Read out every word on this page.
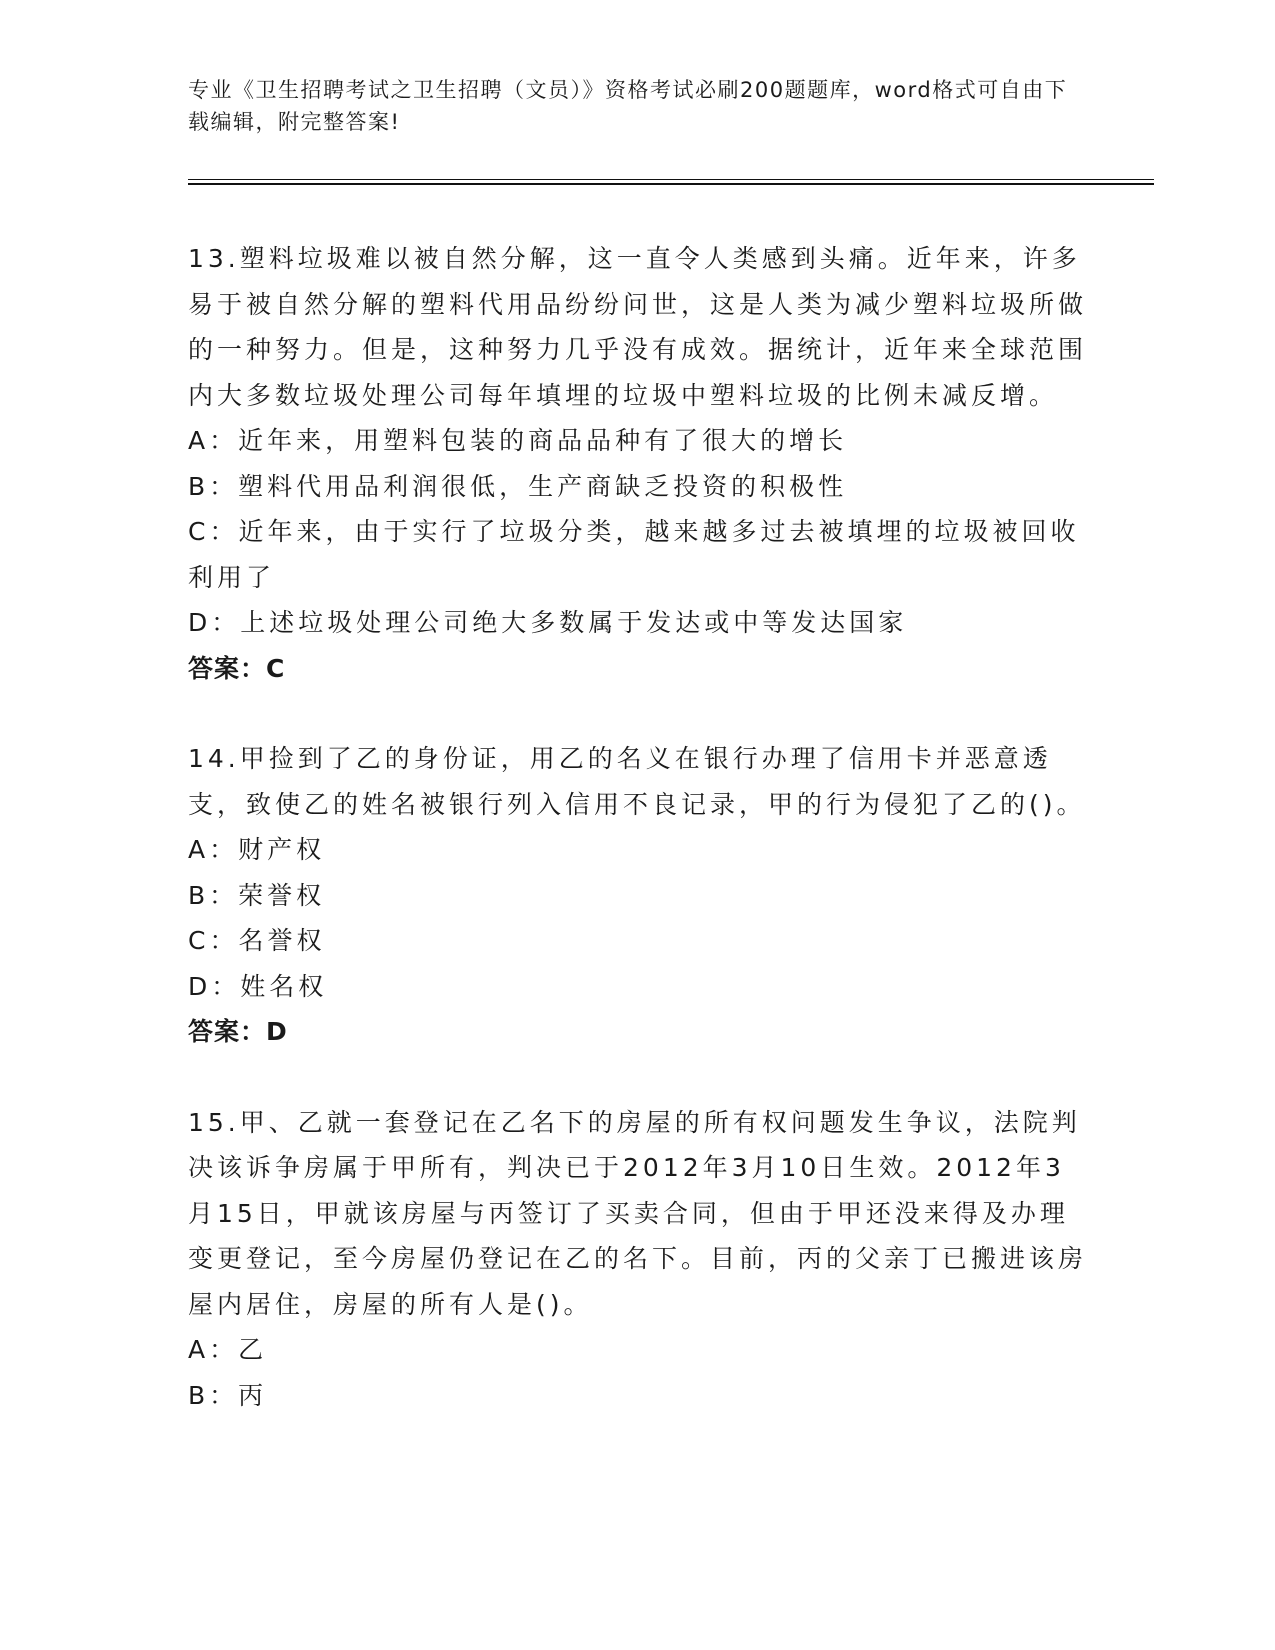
专业《卫生招聘考试之卫生招聘（文员）》资格考试必刷200题题库，word格式可自由下载编辑，附完整答案!
13.塑料垃圾难以被自然分解，这一直令人类感到头痛。近年来，许多易于被自然分解的塑料代用品纷纷问世，这是人类为减少塑料垃圾所做的一种努力。但是，这种努力几乎没有成效。据统计，近年来全球范围内大多数垃圾处理公司每年填埋的垃圾中塑料垃圾的比例未减反增。
A：近年来，用塑料包装的商品品种有了很大的增长
B：塑料代用品利润很低，生产商缺乏投资的积极性
C：近年来，由于实行了垃圾分类，越来越多过去被填埋的垃圾被回收利用了
D：上述垃圾处理公司绝大多数属于发达或中等发达国家
答案：C
14.甲捡到了乙的身份证，用乙的名义在银行办理了信用卡并恶意透支，致使乙的姓名被银行列入信用不良记录，甲的行为侵犯了乙的()。
A：财产权
B：荣誉权
C：名誉权
D：姓名权
答案：D
15.甲、乙就一套登记在乙名下的房屋的所有权问题发生争议，法院判决该诉争房属于甲所有，判决已于2012年3月10日生效。2012年3月15日，甲就该房屋与丙签订了买卖合同，但由于甲还没来得及办理变更登记，至今房屋仍登记在乙的名下。目前，丙的父亲丁已搬进该房屋内居住，房屋的所有人是()。
A：乙
B：丙
